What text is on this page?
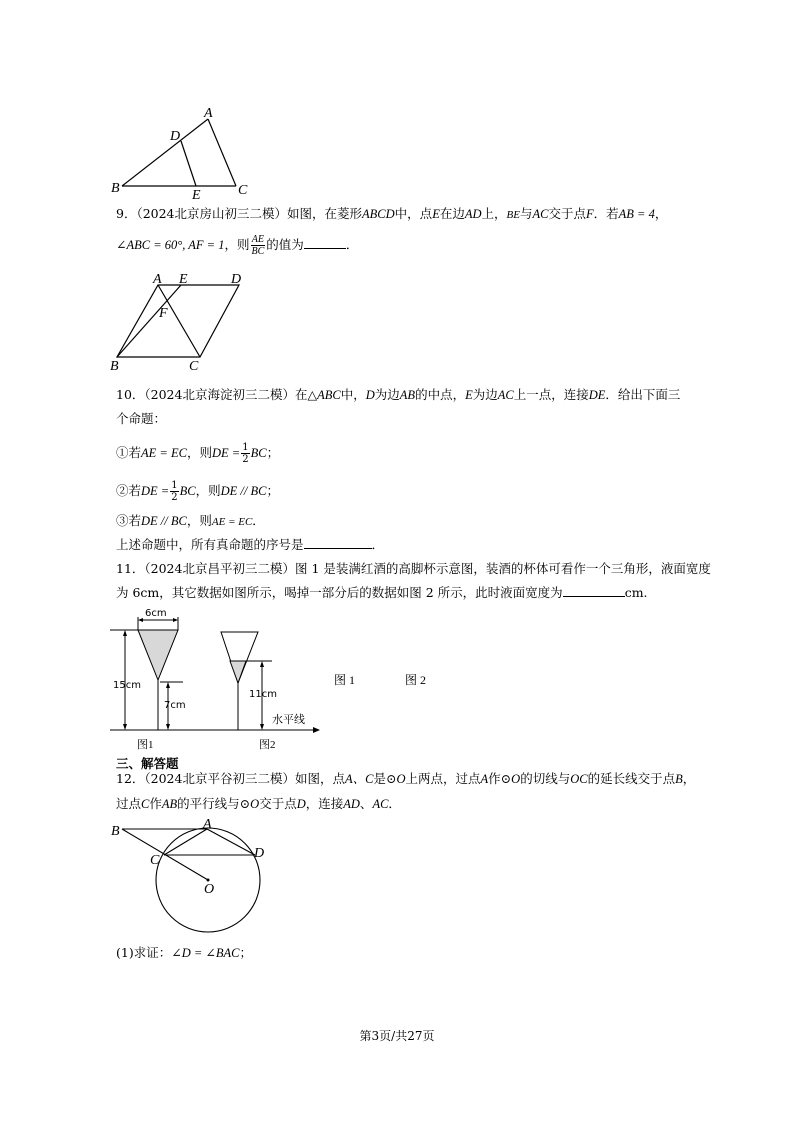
A
D
B	E	C
A E	D
F
B	C
6cm
15cm
7cm
11cm
水平线
图1	图2
图 1	图 2
B	A
C	D
O
9．（2024北京房山初三二模）如图，在菱形ABCD中，点E在边AD上，BE与AC交于点F．若AB = 4，
∠ABC = 60°, AF = 1，则 $\frac{AE}{BC}$ 的值为	．
10．（2024北京海淀初三二模）在△ABC中，D为边AB的中点，E为边AC上一点，连接DE．给出下面三
个命题：
①若AE = EC，则DE = $\frac{1}{2}$ BC；
②若DE = $\frac{1}{2}$ BC，则DE // BC；
③若DE // BC，则AE = EC．
上述命题中，所有真命题的序号是	．
11．（2024北京昌平初三二模）图 1 是装满红酒的高脚杯示意图，装酒的杯体可看作一个三角形，液面宽度
为 6cm，其它数据如图所示，喝掉一部分后的数据如图 2 所示，此时液面宽度为	cm.
三、解答题
12．（2024北京平谷初三二模）如图，点A、C是⊙O上两点，过点A作⊙O的切线与OC的延长线交于点B，
过点C作AB的平行线与⊙O交于点D，连接AD、AC．
(1)求证：∠D = ∠BAC；
第3页/共27页
